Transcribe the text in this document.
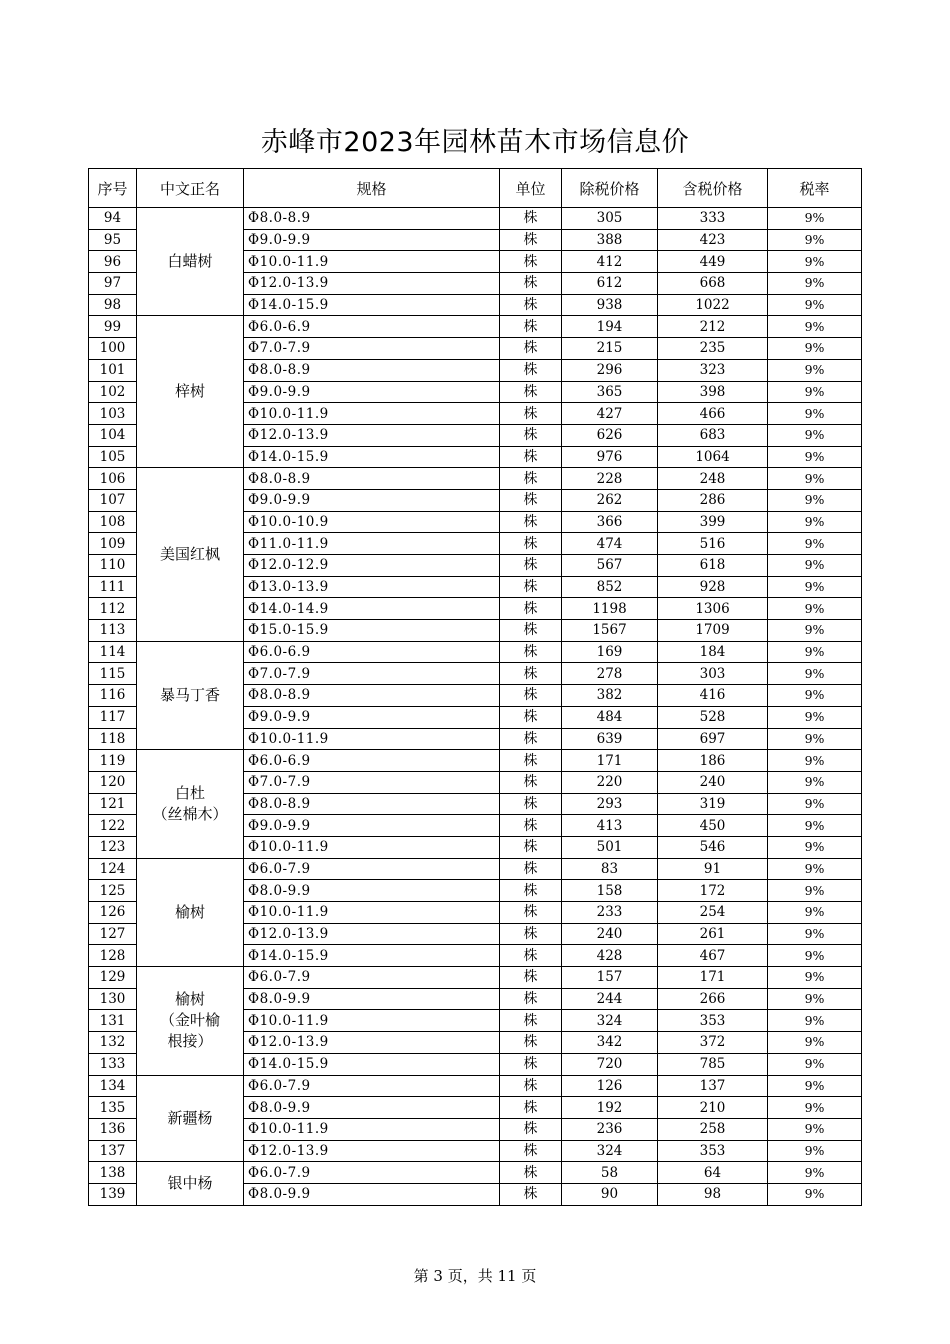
赤峰市2023年园林苗木市场信息价
序号	中文正名	规格	单位	除税价格	含税价格	税率
94	白蜡树	Φ8.0-8.9	株	305	333	9%
95		Φ9.0-9.9	株	388	423	9%
96		Φ10.0-11.9	株	412	449	9%
97		Φ12.0-13.9	株	612	668	9%
98		Φ14.0-15.9	株	938	1022	9%
99	梓树	Φ6.0-6.9	株	194	212	9%
100		Φ7.0-7.9	株	215	235	9%
101		Φ8.0-8.9	株	296	323	9%
102		Φ9.0-9.9	株	365	398	9%
103		Φ10.0-11.9	株	427	466	9%
104		Φ12.0-13.9	株	626	683	9%
105		Φ14.0-15.9	株	976	1064	9%
106	美国红枫	Φ8.0-8.9	株	228	248	9%
107		Φ9.0-9.9	株	262	286	9%
108		Φ10.0-10.9	株	366	399	9%
109		Φ11.0-11.9	株	474	516	9%
110		Φ12.0-12.9	株	567	618	9%
111		Φ13.0-13.9	株	852	928	9%
112		Φ14.0-14.9	株	1198	1306	9%
113		Φ15.0-15.9	株	1567	1709	9%
114	暴马丁香	Φ6.0-6.9	株	169	184	9%
115		Φ7.0-7.9	株	278	303	9%
116		Φ8.0-8.9	株	382	416	9%
117		Φ9.0-9.9	株	484	528	9%
118		Φ10.0-11.9	株	639	697	9%
119	白杜
（丝棉木）	Φ6.0-6.9	株	171	186	9%
120		Φ7.0-7.9	株	220	240	9%
121		Φ8.0-8.9	株	293	319	9%
122		Φ9.0-9.9	株	413	450	9%
123		Φ10.0-11.9	株	501	546	9%
124	榆树	Φ6.0-7.9	株	83	91	9%
125		Φ8.0-9.9	株	158	172	9%
126		Φ10.0-11.9	株	233	254	9%
127		Φ12.0-13.9	株	240	261	9%
128		Φ14.0-15.9	株	428	467	9%
129	榆树
（金叶榆
根接）	Φ6.0-7.9	株	157	171	9%
130		Φ8.0-9.9	株	244	266	9%
131		Φ10.0-11.9	株	324	353	9%
132		Φ12.0-13.9	株	342	372	9%
133		Φ14.0-15.9	株	720	785	9%
134	新疆杨	Φ6.0-7.9	株	126	137	9%
135		Φ8.0-9.9	株	192	210	9%
136		Φ10.0-11.9	株	236	258	9%
137		Φ12.0-13.9	株	324	353	9%
138	银中杨	Φ6.0-7.9	株	58	64	9%
139		Φ8.0-9.9	株	90	98	9%
第 3 页，共 11 页
